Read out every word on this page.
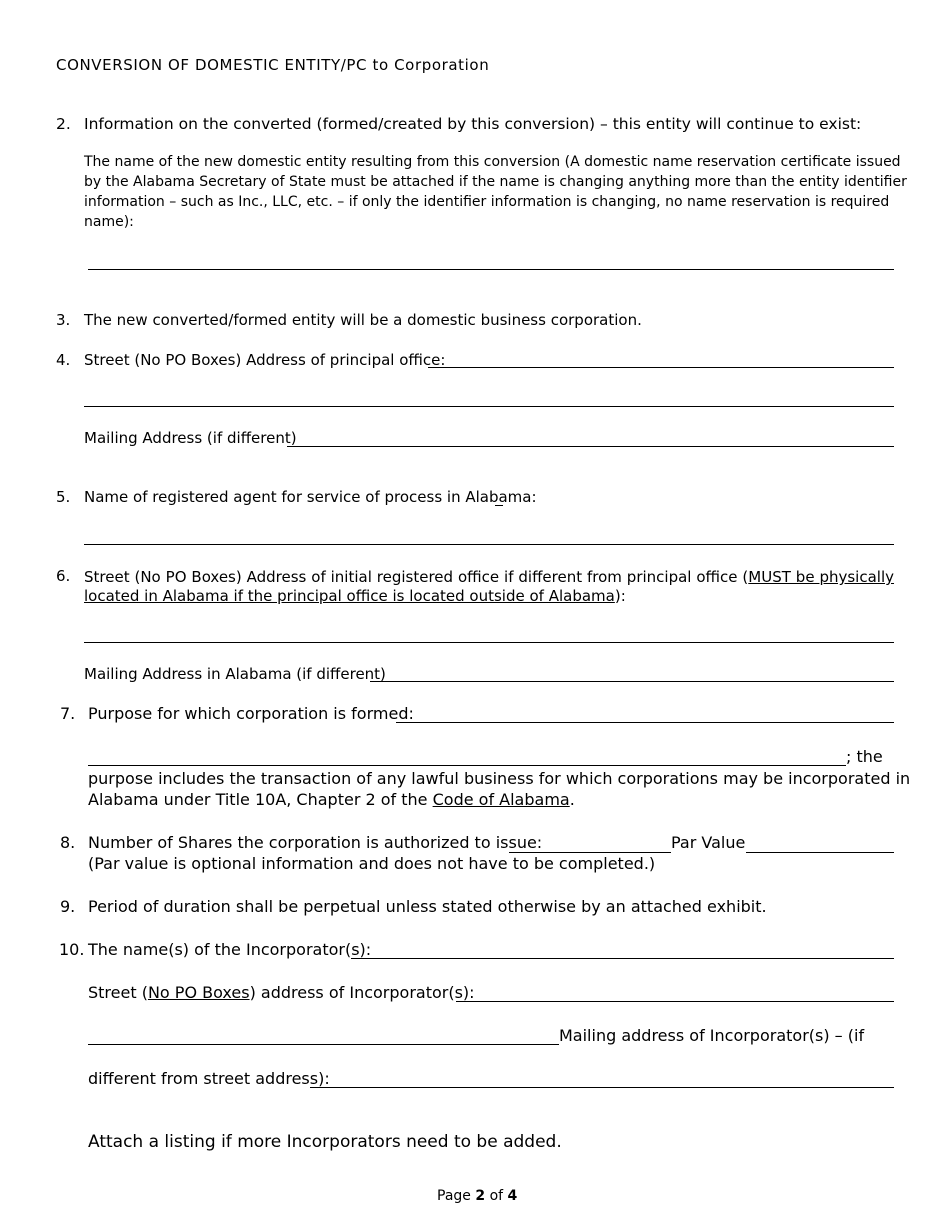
CONVERSION OF DOMESTIC ENTITY/PC to Corporation
2. Information on the converted (formed/created by this conversion) – this entity will continue to exist:
The name of the new domestic entity resulting from this conversion (A domestic name reservation certificate issued
by the Alabama Secretary of State must be attached if the name is changing anything more than the entity identifier
information – such as Inc., LLC, etc. – if only the identifier information is changing, no name reservation is required
name):
3. The new converted/formed entity will be a domestic business corporation.
4. Street (No PO Boxes) Address of principal office:
Mailing Address (if different)
5. Name of registered agent for service of process in Alabama:
6. Street (No PO Boxes) Address of initial registered office if different from principal office (MUST be physically
located in Alabama if the principal office is located outside of Alabama):
Mailing Address in Alabama (if different)
7. Purpose for which corporation is formed:
; the
purpose includes the transaction of any lawful business for which corporations may be incorporated in
Alabama under Title 10A, Chapter 2 of the Code of Alabama.
8. Number of Shares the corporation is authorized to issue:	Par Value
(Par value is optional information and does not have to be completed.)
9. Period of duration shall be perpetual unless stated otherwise by an attached exhibit.
10. The name(s) of the Incorporator(s):
Street (No PO Boxes) address of Incorporator(s):
Mailing address of Incorporator(s) – (if
different from street address):
Attach a listing if more Incorporators need to be added.
Page 2 of 4
